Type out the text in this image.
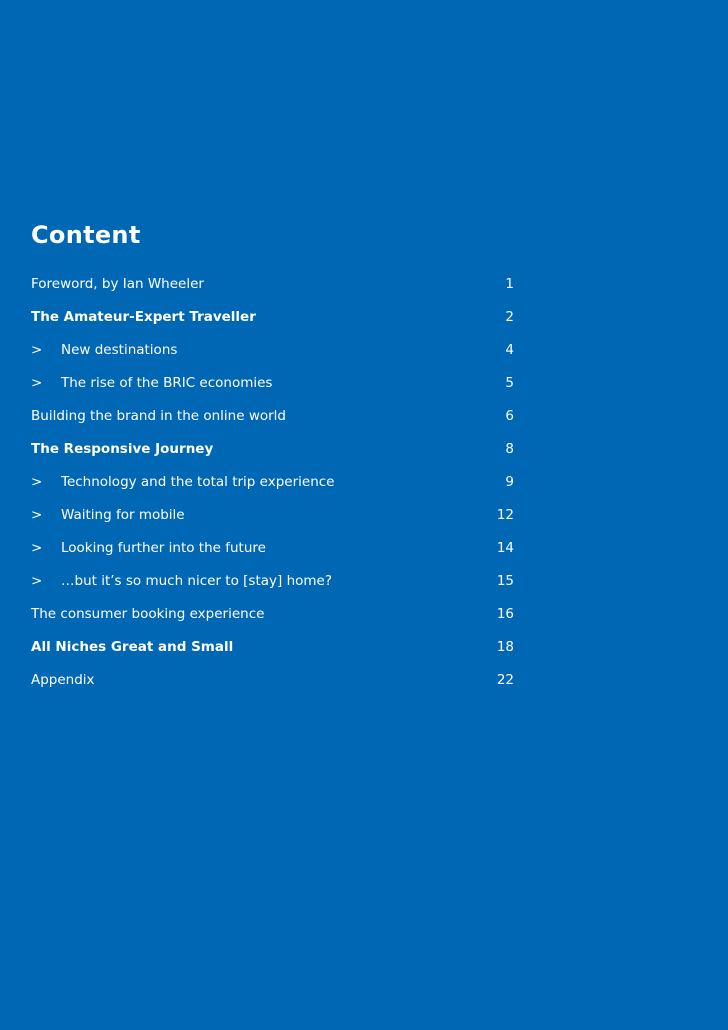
Content
Foreword, by Ian Wheeler	1
The Amateur-Expert Traveller	2
> New destinations	4
> The rise of the BRIC economies	5
Building the brand in the online world	6
The Responsive Journey	8
> Technology and the total trip experience	9
> Waiting for mobile	12
> Looking further into the future	14
> …but it’s so much nicer to [stay] home?	15
The consumer booking experience	16
All Niches Great and Small	18
Appendix	22
